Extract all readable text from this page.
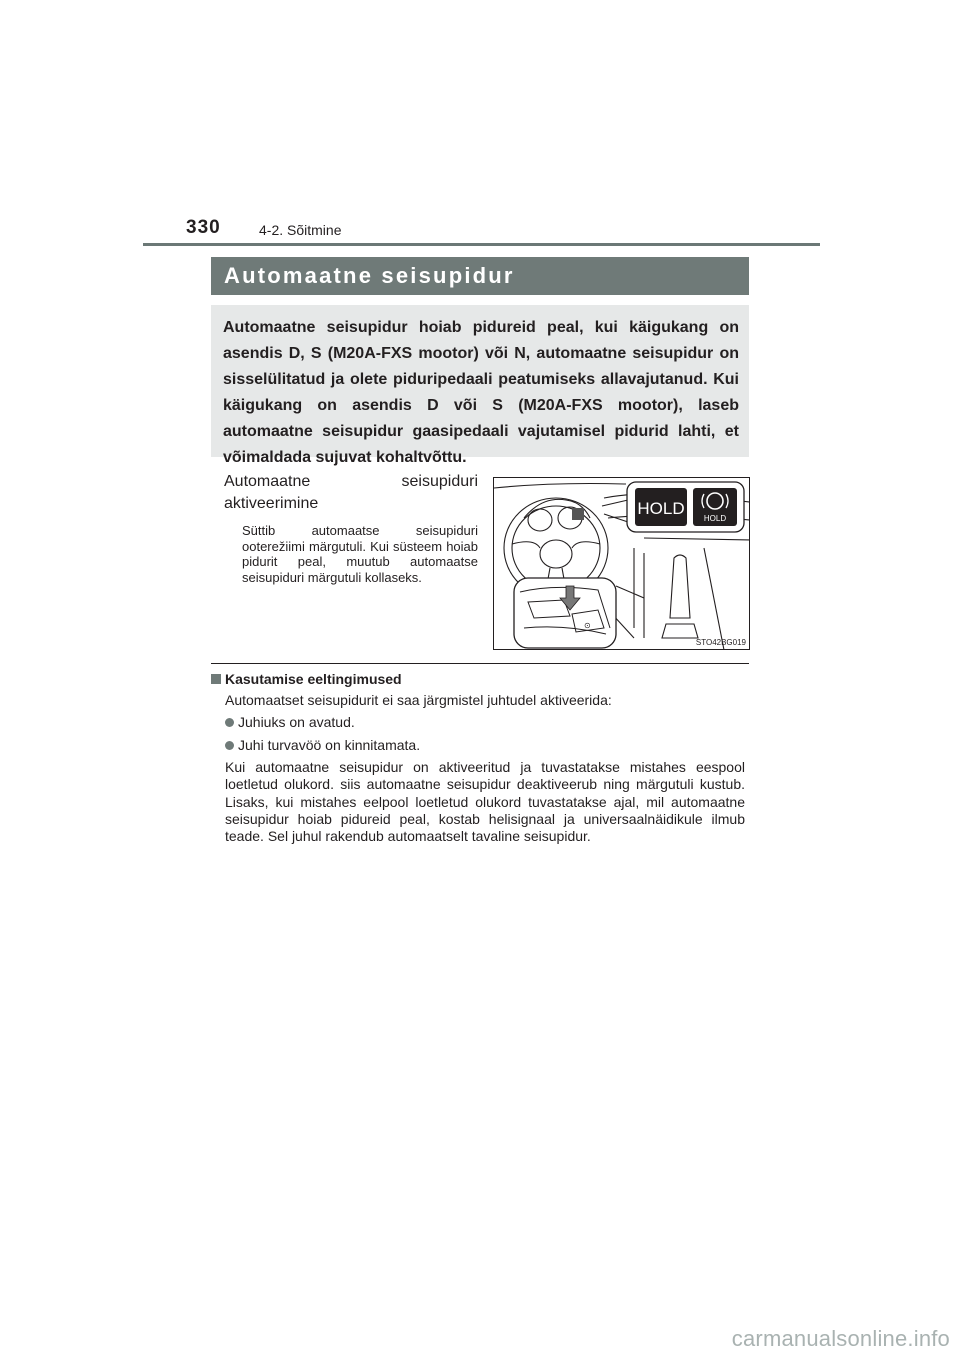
330	4-2. Sõitmine
Automaatne seisupidur

Automaatne seisupidur hoiab pidureid peal, kui käigukang on asendis D, S (M20A-FXS mootor) või N, automaatne seisupidur on sisselülitatud ja olete piduripedaali peatumiseks allavajutanud. Kui käigukang on asendis D või S (M20A-FXS mootor), laseb automaatne seisupidur gaasipedaali vajutamisel pidurid lahti, et võimaldada sujuvat kohaltvõttu.

Automaatne seisupiduri
aktiveerimine

Süttib automaatse seisupiduri ooterežiimi märgutuli. Kui süsteem hoiab pidurit peal, muutub automaatse seisupiduri märgutuli kollaseks.

HOLD
HOLD
⊙
STO42BG019
Kasutamise eeltingimused
Automaatset seisupidurit ei saa järgmistel juhtudel aktiveerida:
Juhiuks on avatud.
Juhi turvavöö on kinnitamata.

Kui automaatne seisupidur on aktiveeritud ja tuvastatakse mistahes eespool loetletud olukord. siis automaatne seisupidur deaktiveerub ning märgutuli kustub. Lisaks, kui mistahes eelpool loetletud olukord tuvastatakse ajal, mil automaatne seisupidur hoiab pidureid peal, kostab helisignaal ja universaalnäidikule ilmub teade. Sel juhul rakendub automaatselt tavaline seisupidur.

carmanualsonline.info
